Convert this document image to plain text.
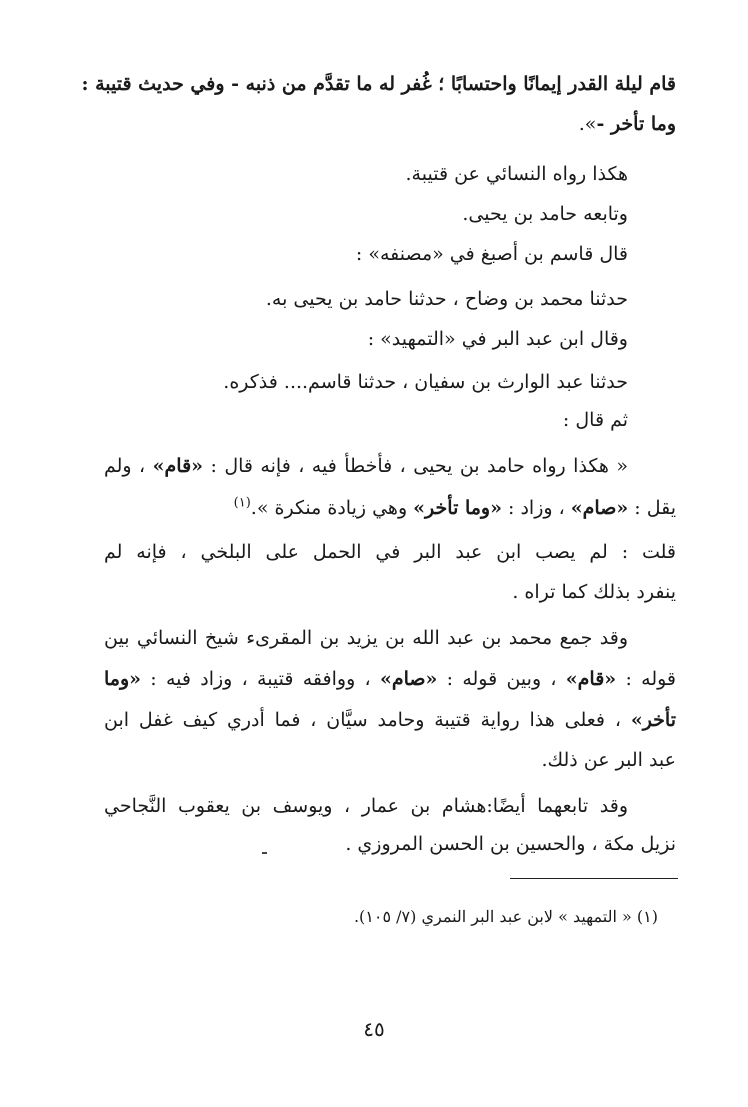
قام ليلة القدر إيمانًا واحتسابًا ؛ غُفر له ما تقدَّم من ذنبه - وفي حديث قتيبة :
وما تأخر -».
هكذا رواه النسائي عن قتيبة.
وتابعه حامد بن يحيى.
قال قاسم بن أصبغ في «مصنفه» :
حدثنا محمد بن وضاح ، حدثنا حامد بن يحيى به.
وقال ابن عبد البر في «التمهيد» :
حدثنا عبد الوارث بن سفيان ، حدثنا قاسم.... فذكره.
ثم قال :
« هكذا رواه حامد بن يحيى ، فأخطأ فيه ، فإنه قال : «قام» ، ولم
يقل : «صام» ، وزاد : «وما تأخر» وهي زيادة منكرة ».$^{(١)}$
قلت : لم يصب ابن عبد البر في الحمل على البلخي ، فإنه لم
ينفرد بذلك كما تراه .
وقد جمع محمد بن عبد الله بن يزيد بن المقرىء شيخ النسائي بين
قوله : «قام» ، وبين قوله : «صام» ، ووافقه قتيبة ، وزاد فيه : «وما
تأخر» ، فعلى هذا رواية قتيبة وحامد سيَّان ، فما أدري كيف غفل ابن
عبد البر عن ذلك.
وقد تابعهما أيضًا:هشام بن عمار ، ويوسف بن يعقوب النَّجاحي
نزيل مكة ، والحسين بن الحسن المروزي .
(١) « التمهيد » لابن عبد البر النمري (٧/ ١٠٥).
٤٥
